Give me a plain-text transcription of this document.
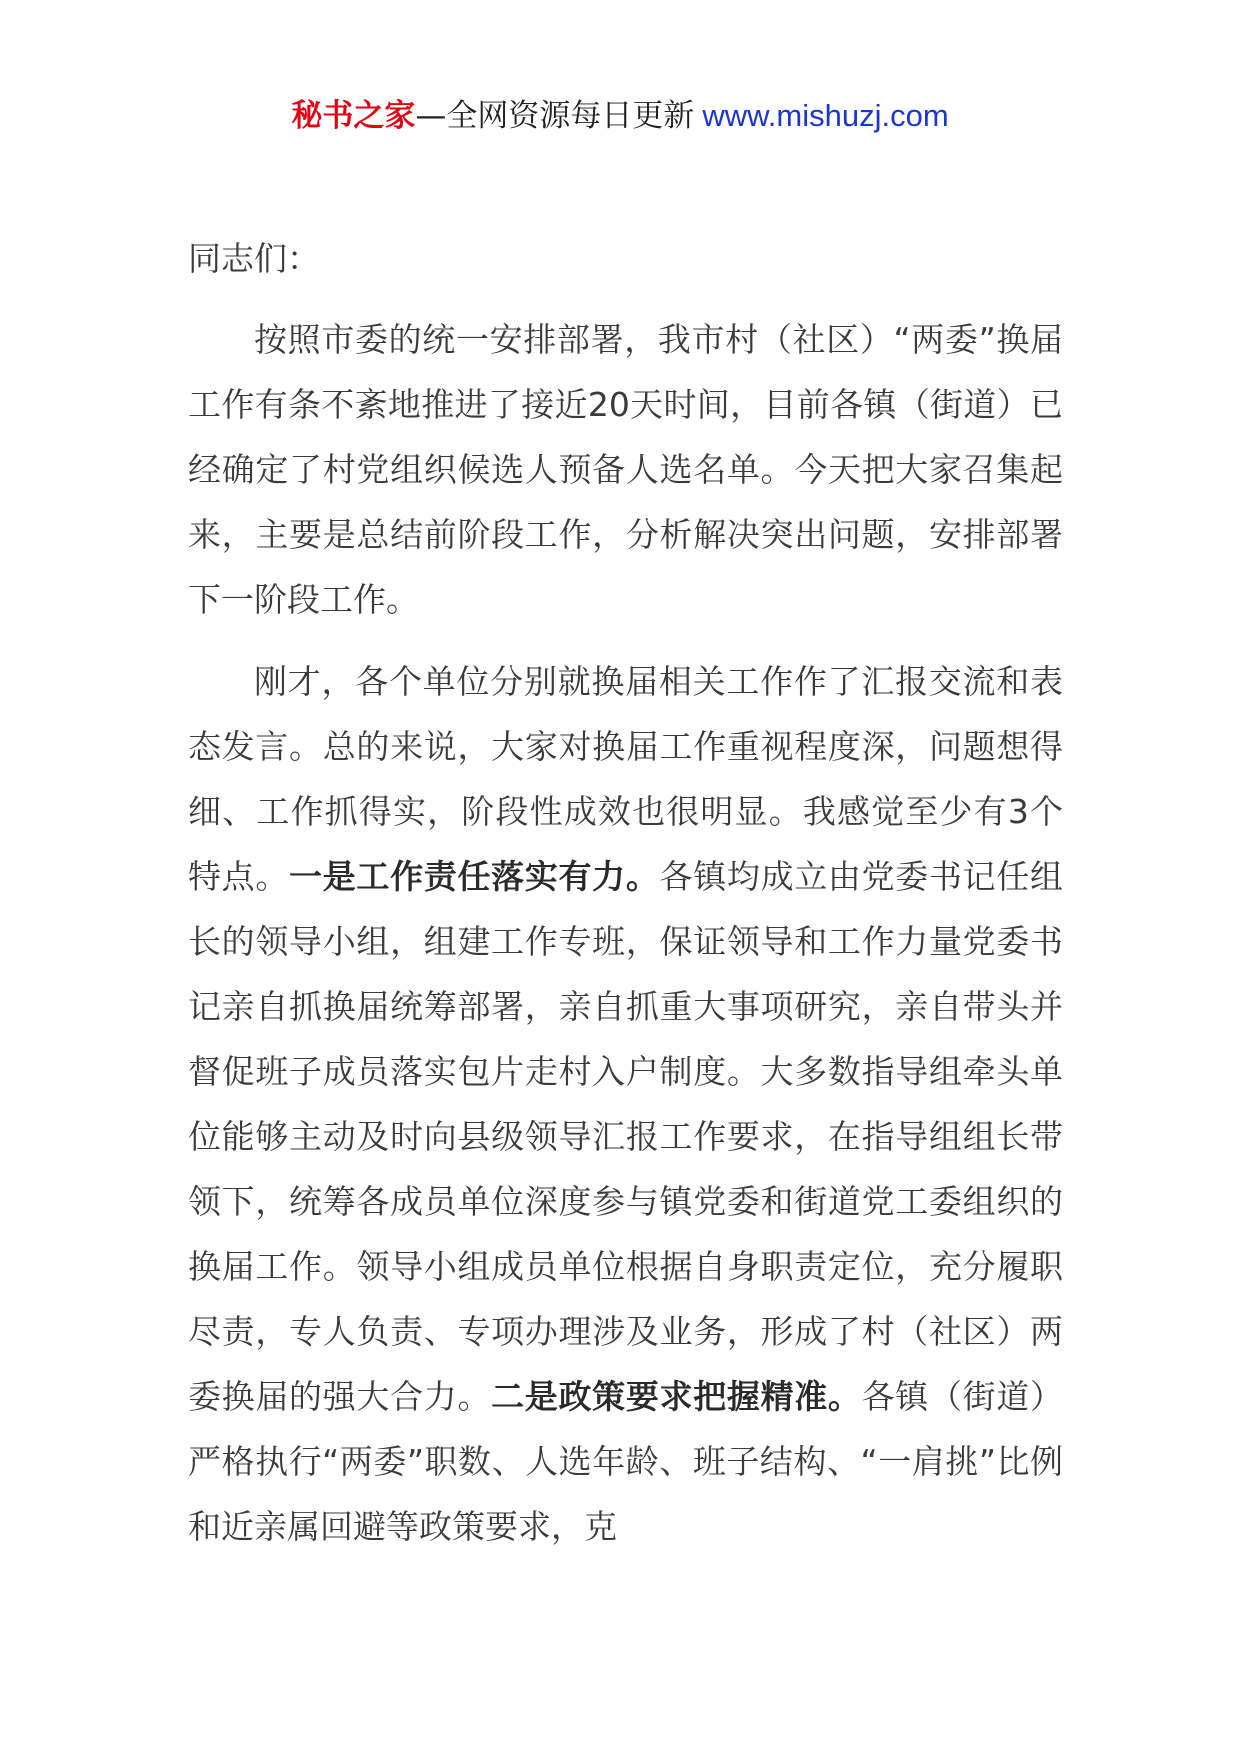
秘书之家—全网资源每日更新 www.mishuzj.com

同志们：

按照市委的统一安排部署，我市村（社区）“两委”换届工作有条不紊地推进了接近20天时间，目前各镇（街道）已经确定了村党组织候选人预备人选名单。今天把大家召集起来，主要是总结前阶段工作，分析解决突出问题，安排部署下一阶段工作。

刚才，各个单位分别就换届相关工作作了汇报交流和表态发言。总的来说，大家对换届工作重视程度深，问题想得细、工作抓得实，阶段性成效也很明显。我感觉至少有3个特点。一是工作责任落实有力。各镇均成立由党委书记任组长的领导小组，组建工作专班，保证领导和工作力量党委书记亲自抓换届统筹部署，亲自抓重大事项研究，亲自带头并督促班子成员落实包片走村入户制度。大多数指导组牵头单位能够主动及时向县级领导汇报工作要求，在指导组组长带领下，统筹各成员单位深度参与镇党委和街道党工委组织的换届工作。领导小组成员单位根据自身职责定位，充分履职尽责，专人负责、专项办理涉及业务，形成了村（社区）两委换届的强大合力。二是政策要求把握精准。各镇（街道）严格执行“两委”职数、人选年龄、班子结构、“一肩挑”比例和近亲属回避等政策要求，克
